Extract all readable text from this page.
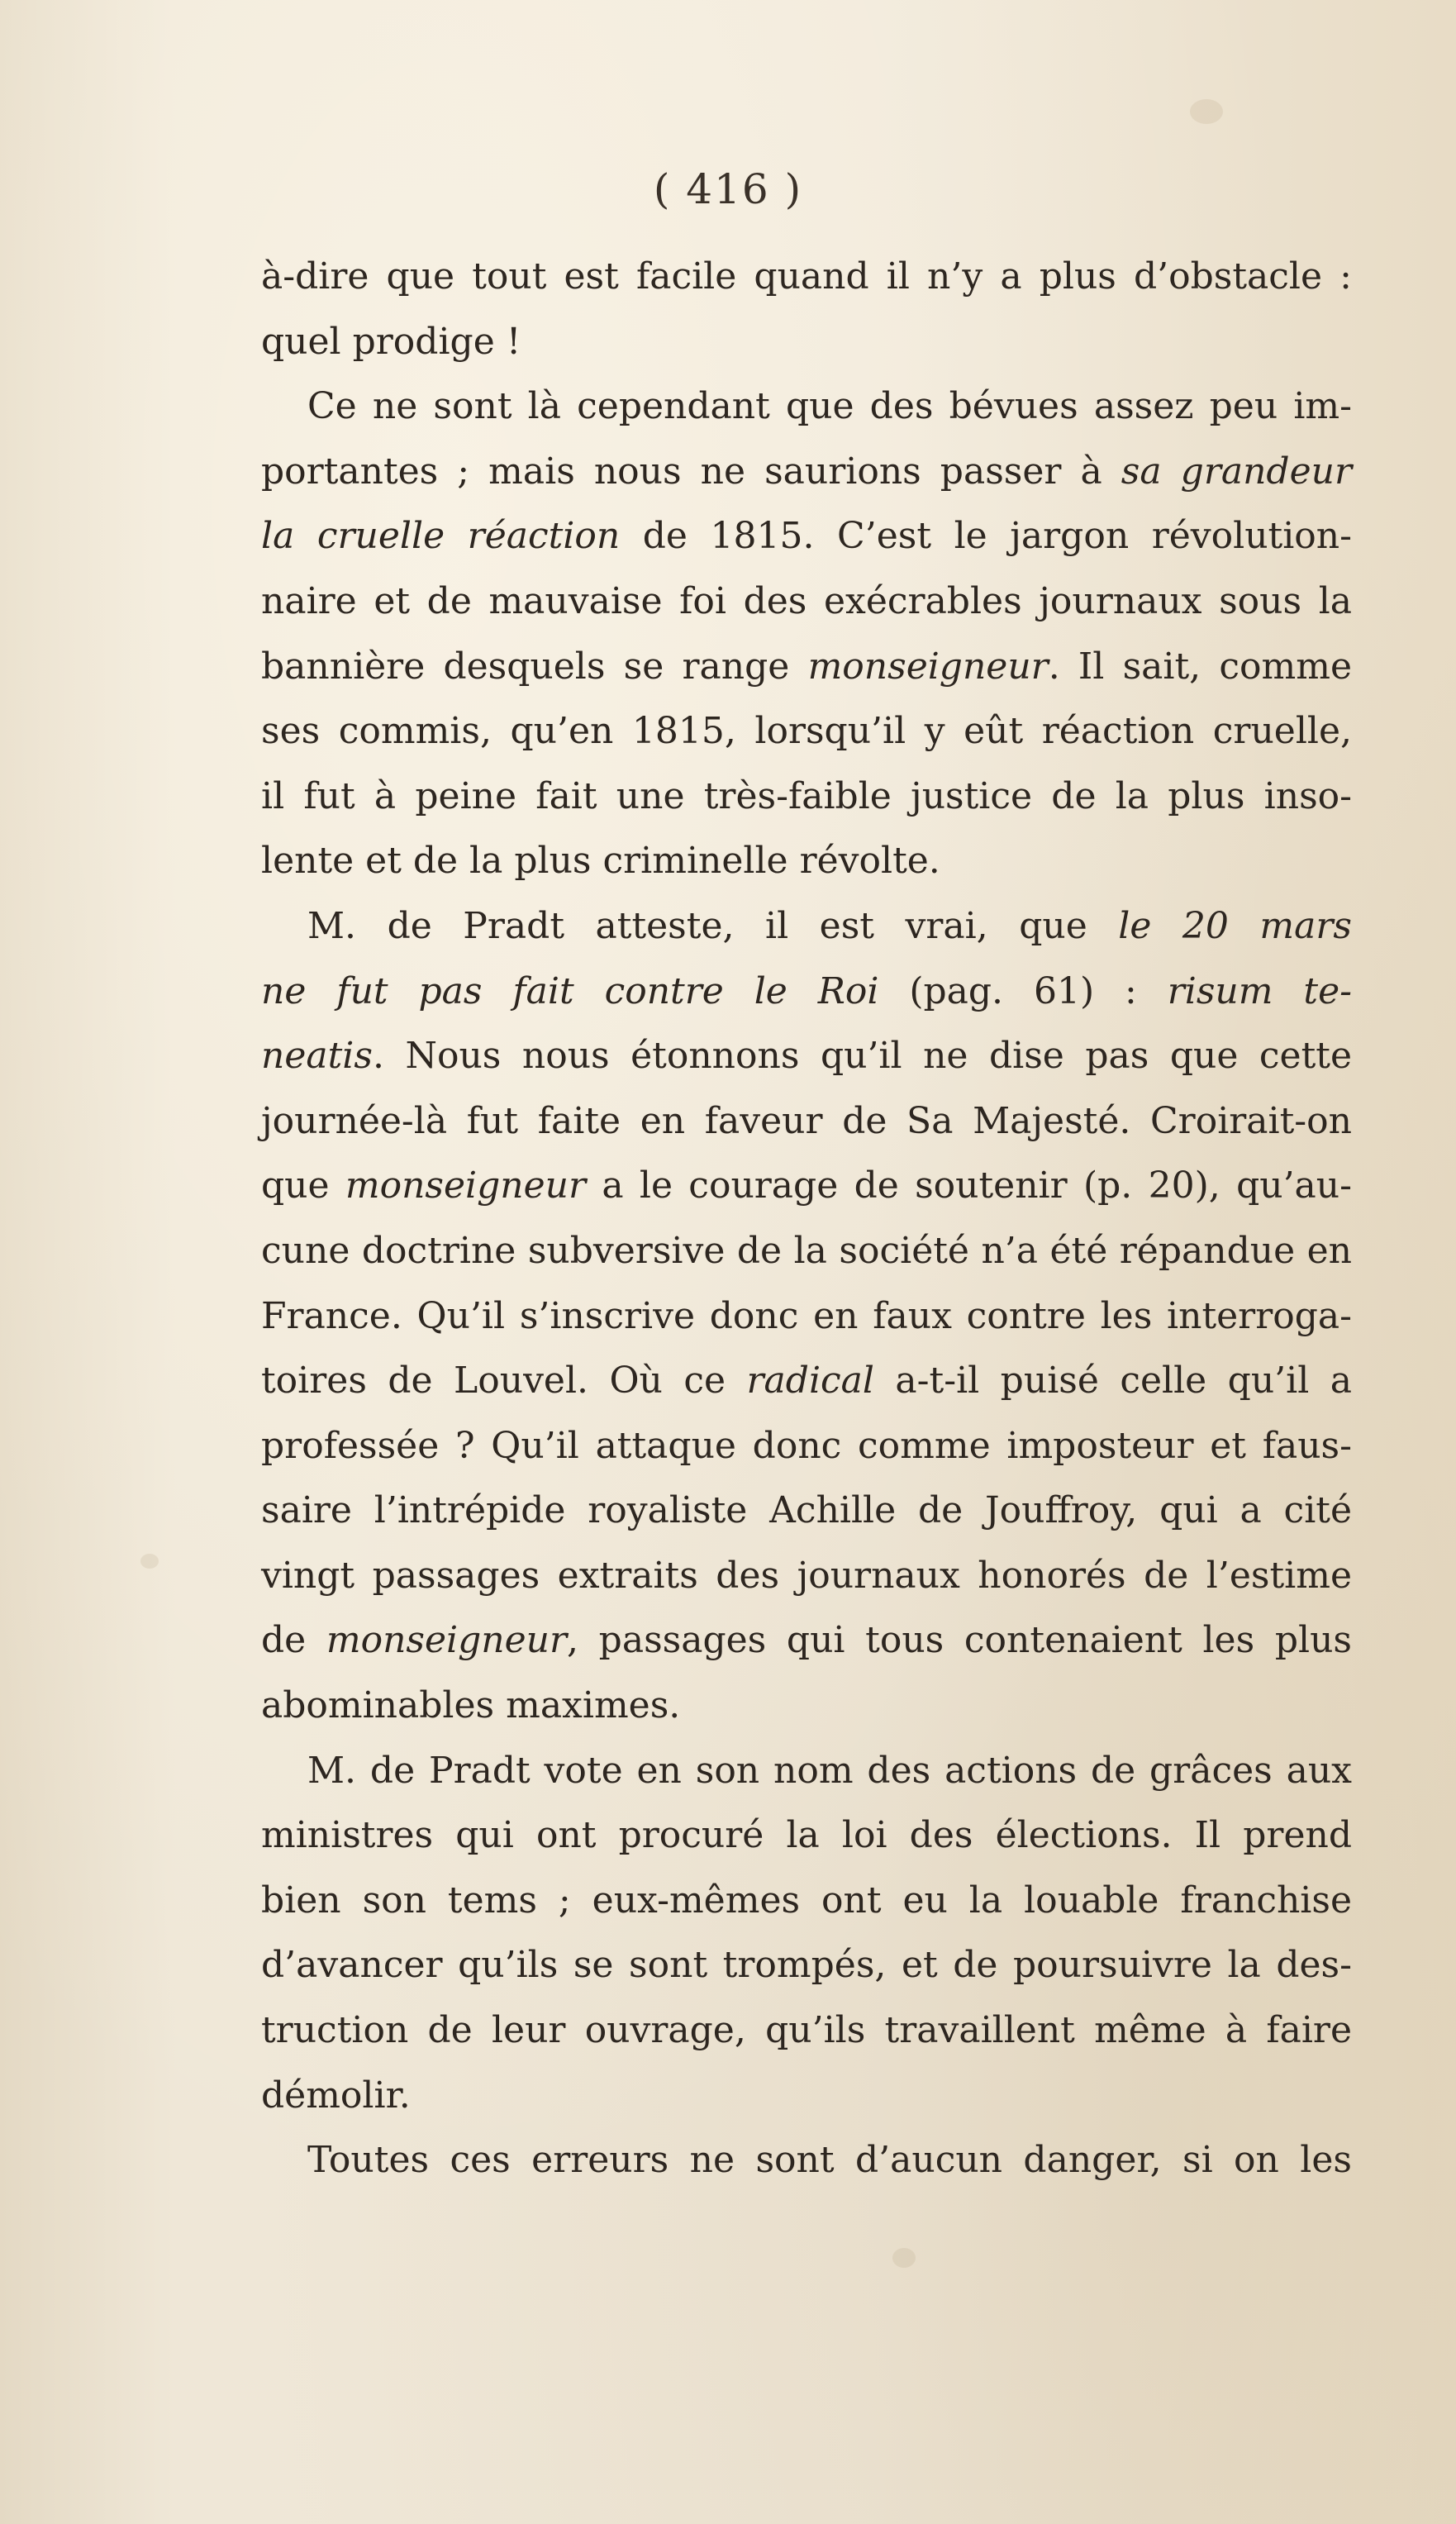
( 416 )
à-dire que tout est facile quand il n’y a plus d’obstacle :
quel prodige !
Ce ne sont là cependant que des bévues assez peu im-
portantes ; mais nous ne saurions passer à sa grandeur
la cruelle réaction de 1815. C’est le jargon révolution-
naire et de mauvaise foi des exécrables journaux sous la
bannière desquels se range monseigneur. Il sait, comme
ses commis, qu’en 1815, lorsqu’il y eût réaction cruelle,
il fut à peine fait une très-faible justice de la plus inso-
lente et de la plus criminelle révolte.
M. de Pradt atteste, il est vrai, que le 20 mars
ne fut pas fait contre le Roi (pag. 61) : risum te-
neatis. Nous nous étonnons qu’il ne dise pas que cette
journée-là fut faite en faveur de Sa Majesté. Croirait-on
que monseigneur a le courage de soutenir (p. 20), qu’au-
cune doctrine subversive de la société n’a été répandue en
France. Qu’il s’inscrive donc en faux contre les interroga-
toires de Louvel. Où ce radical a-t-il puisé celle qu’il a
professée ? Qu’il attaque donc comme imposteur et faus-
saire l’intrépide royaliste Achille de Jouffroy, qui a cité
vingt passages extraits des journaux honorés de l’estime
de monseigneur, passages qui tous contenaient les plus
abominables maximes.
M. de Pradt vote en son nom des actions de grâces aux
ministres qui ont procuré la loi des élections. Il prend
bien son tems ; eux-mêmes ont eu la louable franchise
d’avancer qu’ils se sont trompés, et de poursuivre la des-
truction de leur ouvrage, qu’ils travaillent même à faire
démolir.
Toutes ces erreurs ne sont d’aucun danger, si on les
